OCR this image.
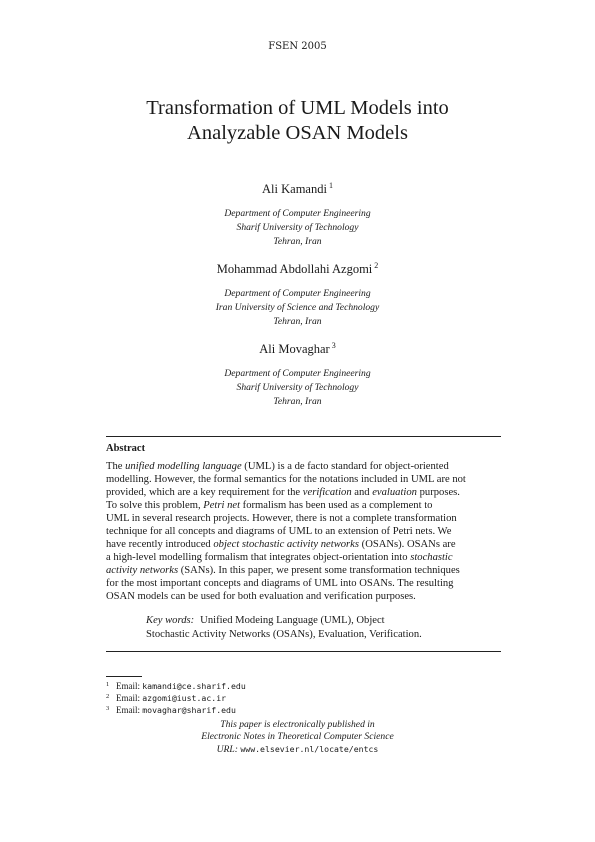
FSEN 2005
Transformation of UML Models into
Analyzable OSAN Models
Ali Kamandi $^1$
Department of Computer Engineering
Sharif University of Technology
Tehran, Iran
Mohammad Abdollahi Azgomi $^2$
Department of Computer Engineering
Iran University of Science and Technology
Tehran, Iran
Ali Movaghar $^3$
Department of Computer Engineering
Sharif University of Technology
Tehran, Iran
Abstract
The unified modelling language (UML) is a de facto standard for object-oriented
modelling. However, the formal semantics for the notations included in UML are not
provided, which are a key requirement for the verification and evaluation purposes.
To solve this problem, Petri net formalism has been used as a complement to
UML in several research projects. However, there is not a complete transformation
technique for all concepts and diagrams of UML to an extension of Petri nets. We
have recently introduced object stochastic activity networks (OSANs). OSANs are
a high-level modelling formalism that integrates object-orientation into stochastic
activity networks (SANs). In this paper, we present some transformation techniques
for the most important concepts and diagrams of UML into OSANs. The resulting
OSAN models can be used for both evaluation and verification purposes.
Key words: Unified Modeing Language (UML), Object
Stochastic Activity Networks (OSANs), Evaluation, Verification.
$^1$ Email: kamandi@ce.sharif.edu
$^2$ Email: azgomi@iust.ac.ir
$^3$ Email: movaghar@sharif.edu
This paper is electronically published in
Electronic Notes in Theoretical Computer Science
URL: www.elsevier.nl/locate/entcs
